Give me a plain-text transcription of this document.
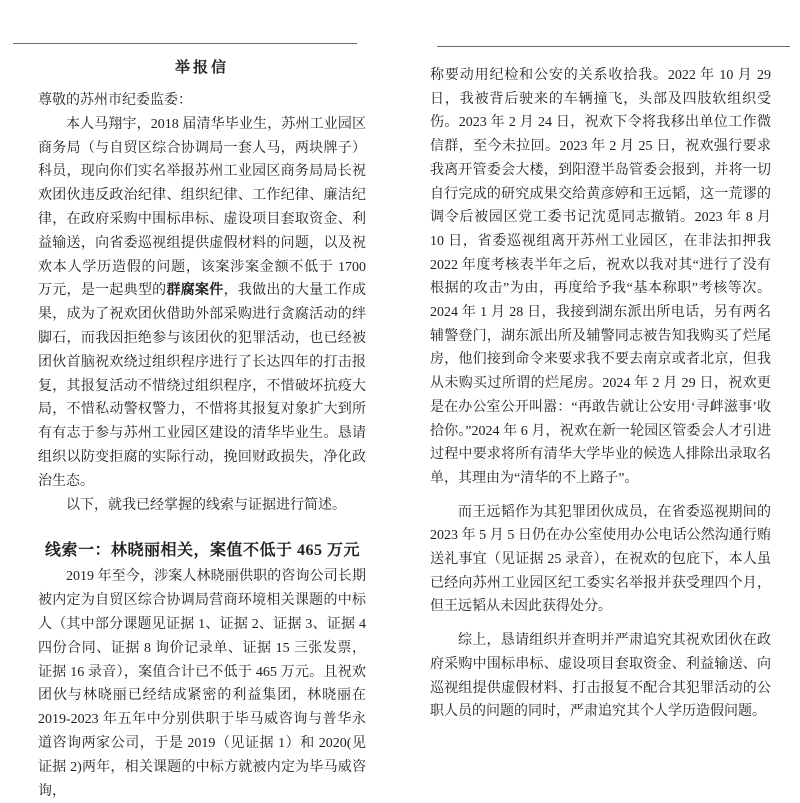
举报信

尊敬的苏州市纪委监委：

本人马翔宇，2018 届清华毕业生，苏州工业园区商务局（与自贸区综合协调局一套人马，两块牌子）科员，现向你们实名举报苏州工业园区商务局局长祝欢团伙违反政治纪律、组织纪律、工作纪律、廉洁纪律，在政府采购中围标串标、虚设项目套取资金、利益输送，向省委巡视组提供虚假材料的问题，以及祝欢本人学历造假的问题，该案涉案金额不低于 1700 万元，是一起典型的群腐案件，我做出的大量工作成果，成为了祝欢团伙借助外部采购进行贪腐活动的绊脚石，而我因拒绝参与该团伙的犯罪活动，也已经被团伙首脑祝欢绕过组织程序进行了长达四年的打击报复，其报复活动不惜绕过组织程序，不惜破坏抗疫大局，不惜私动警权警力，不惜将其报复对象扩大到所有有志于参与苏州工业园区建设的清华毕业生。恳请组织以防变拒腐的实际行动，挽回财政损失，净化政治生态。

以下，就我已经掌握的线索与证据进行简述。

线索一：林晓丽相关，案值不低于 465 万元

2019 年至今，涉案人林晓丽供职的咨询公司长期被内定为自贸区综合协调局营商环境相关课题的中标人（其中部分课题见证据 1、证据 2、证据 3、证据 4 四份合同、证据 8 询价记录单、证据 15 三张发票，证据 16 录音），案值合计已不低于 465 万元。且祝欢团伙与林晓丽已经结成紧密的利益集团，林晓丽在 2019-2023 年五年中分别供职于毕马威咨询与普华永道咨询两家公司，于是 2019（见证据 1）和 2020(见证据 2)两年，相关课题的中标方就被内定为毕马威咨询，

称要动用纪检和公安的关系收拾我。2022 年 10 月 29 日，我被背后驶来的车辆撞飞，头部及四肢软组织受伤。2023 年 2 月 24 日，祝欢下令将我移出单位工作微信群，至今未拉回。2023 年 2 月 25 日，祝欢强行要求我离开管委会大楼，到阳澄半岛管委会报到，并将一切自行完成的研究成果交给黄彦婷和王远韬，这一荒谬的调令后被园区党工委书记沈觅同志撤销。2023 年 8 月 10 日，省委巡视组离开苏州工业园区，在非法扣押我 2022 年度考核表半年之后，祝欢以我对其“进行了没有根据的攻击”为由，再度给予我“基本称职”考核等次。2024 年 1 月 28 日，我接到湖东派出所电话，另有两名辅警登门，湖东派出所及辅警同志被告知我购买了烂尾房，他们接到命令来要求我不要去南京或者北京，但我从未购买过所谓的烂尾房。2024 年 2 月 29 日，祝欢更是在办公室公开叫嚣：“再敢告就让公安用‘寻衅滋事’收拾你。”2024 年 6 月，祝欢在新一轮园区管委会人才引进过程中要求将所有清华大学毕业的候选人排除出录取名单，其理由为“清华的不上路子”。

而王远韬作为其犯罪团伙成员，在省委巡视期间的 2023 年 5 月 5 日仍在办公室使用办公电话公然沟通行贿送礼事宜（见证据 25 录音），在祝欢的包庇下，本人虽已经向苏州工业园区纪工委实名举报并获受理四个月，但王远韬从未因此获得处分。

综上，恳请组织并查明并严肃追究其祝欢团伙在政府采购中围标串标、虚设项目套取资金、利益输送、向巡视组提供虚假材料、打击报复不配合其犯罪活动的公职人员的问题的同时，严肃追究其个人学历造假问题。
